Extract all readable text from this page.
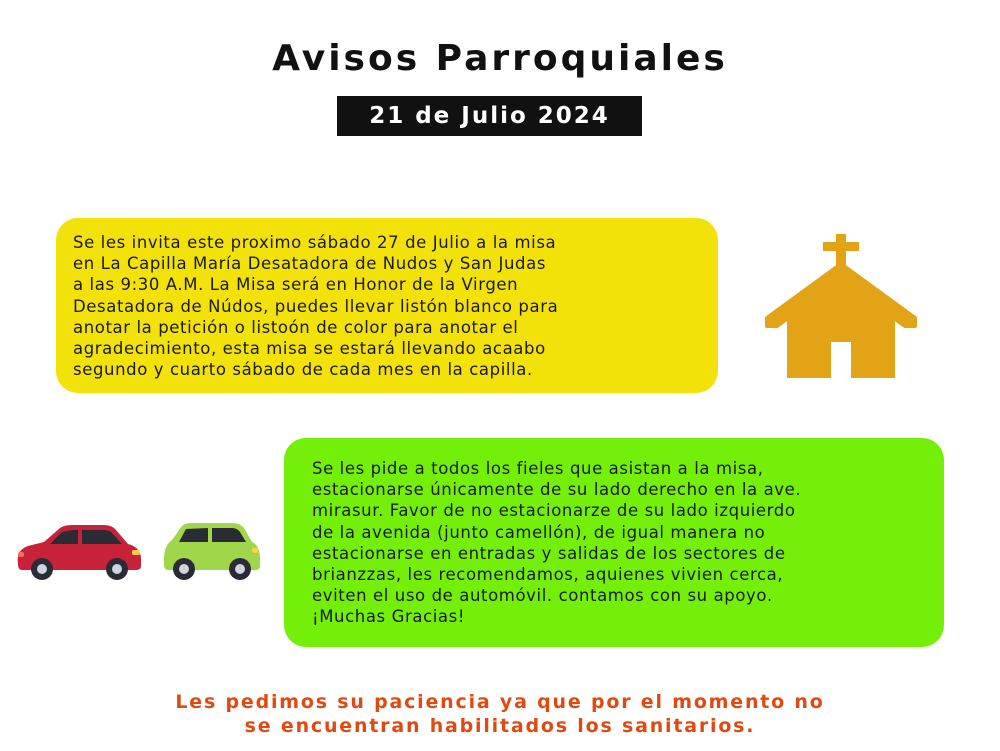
Avisos Parroquiales
21 de Julio 2024

Se les invita este proximo sábado 27 de Julio a la misa

en La Capilla María Desatadora de Nudos y San Judas

a las 9:30 A.M. La Misa será en Honor de la Virgen

Desatadora de Núdos, puedes llevar listón blanco para

anotar la petición o listoón de color para anotar el

agradecimiento, esta misa se estará llevando acaabo

segundo y cuarto sábado de cada mes en la capilla.

Se les pide a todos los fieles que asistan a la misa,

estacionarse únicamente de su lado derecho en la ave.

mirasur. Favor de no estacionarze de su lado izquierdo

de la avenida (junto camellón), de igual manera no

estacionarse en entradas y salidas de los sectores de

brianzzas, les recomendamos, aquienes vivien cerca,

eviten el uso de automóvil. contamos con su apoyo.

¡Muchas Gracias!

Les pedimos su paciencia ya que por el momento no
se encuentran habilitados los sanitarios.
